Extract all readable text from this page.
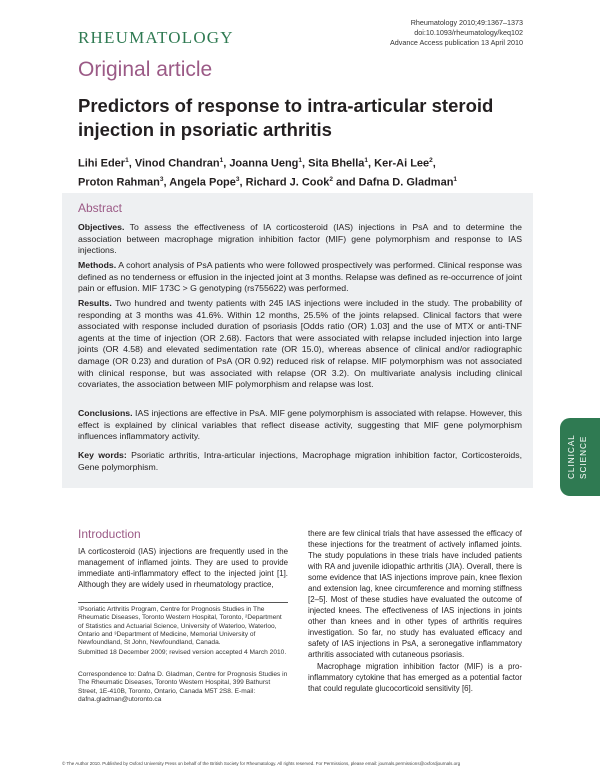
RHEUMATOLOGY
Rheumatology 2010;49:1367–1373
doi:10.1093/rheumatology/keq102
Advance Access publication 13 April 2010
Original article
Predictors of response to intra-articular steroid injection in psoriatic arthritis
Lihi Eder$^1$, Vinod Chandran$^1$, Joanna Ueng$^1$, Sita Bhella$^1$, Ker-Ai Lee$^2$,
Proton Rahman$^3$, Angela Pope$^3$, Richard J. Cook$^2$ and Dafna D. Gladman$^1$
Abstract
Objectives. To assess the effectiveness of IA corticosteroid (IAS) injections in PsA and to determine the association between macrophage migration inhibition factor (MIF) gene polymorphism and response to IAS injections.
Methods. A cohort analysis of PsA patients who were followed prospectively was performed. Clinical response was defined as no tenderness or effusion in the injected joint at 3 months. Relapse was defined as re-occurrence of joint pain or effusion. MIF 173C > G genotyping (rs755622) was performed.
Results. Two hundred and twenty patients with 245 IAS injections were included in the study. The probability of responding at 3 months was 41.6%. Within 12 months, 25.5% of the joints relapsed. Clinical factors that were associated with response included duration of psoriasis [Odds ratio (OR) 1.03] and the use of MTX or anti-TNF agents at the time of injection (OR 2.68). Factors that were associated with relapse included injection into large joints (OR 4.58) and elevated sedimentation rate (OR 15.0), whereas absence of clinical and/or radiographic damage (OR 0.23) and duration of PsA (OR 0.92) reduced risk of relapse. MIF polymorphism was not associated with clinical response, but was associated with relapse (OR 3.2). On multivariate analysis including clinical covariates, the association between MIF polymorphism and relapse was lost.
Conclusions. IAS injections are effective in PsA. MIF gene polymorphism is associated with relapse. However, this effect is explained by clinical variables that reflect disease activity, suggesting that MIF gene polymorphism influences inflammatory activity.
Key words: Psoriatic arthritis, Intra-articular injections, Macrophage migration inhibition factor, Corticosteroids, Gene polymorphism.	CLINICAL SCIENCE
Introduction
IA corticosteroid (IAS) injections are frequently used in the management of inflamed joints. They are used to provide immediate anti-inflammatory effect to the injected joint [1]. Although they are widely used in rheumatology practice,
there are few clinical trials that have assessed the efficacy of these injections for the treatment of actively inflamed joints. The study populations in these trials have included patients with RA and juvenile idiopathic arthritis (JIA). Overall, there is some evidence that IAS injections improve pain, knee flexion and extension lag, knee circumference and morning stiffness [2–5]. Most of these studies have evaluated the outcome of injected knees. The effectiveness of IAS injections in joints other than knees and in other types of arthritis requires investigation. So far, no study has evaluated efficacy and safety of IAS injections in PsA, a seronegative inflammatory arthritis associated with cutaneous psoriasis.
Macrophage migration inhibition factor (MIF) is a pro-inflammatory cytokine that has emerged as a potential factor that could regulate glucocorticoid sensitivity [6].
¹Psoriatic Arthritis Program, Centre for Prognosis Studies in The Rheumatic Diseases, Toronto Western Hospital, Toronto, ²Department of Statistics and Actuarial Science, University of Waterloo, Waterloo, Ontario and ³Department of Medicine, Memorial University of Newfoundland, St John, Newfoundland, Canada.
Submitted 18 December 2009; revised version accepted 4 March 2010.
Correspondence to: Dafna D. Gladman, Centre for Prognosis Studies in The Rheumatic Diseases, Toronto Western Hospital, 399 Bathurst Street, 1E-410B, Toronto, Ontario, Canada M5T 2S8. E-mail: dafna.gladman@utoronto.ca
© The Author 2010. Published by Oxford University Press on behalf of the British Society for Rheumatology. All rights reserved. For Permissions, please email: journals.permissions@oxfordjournals.org
